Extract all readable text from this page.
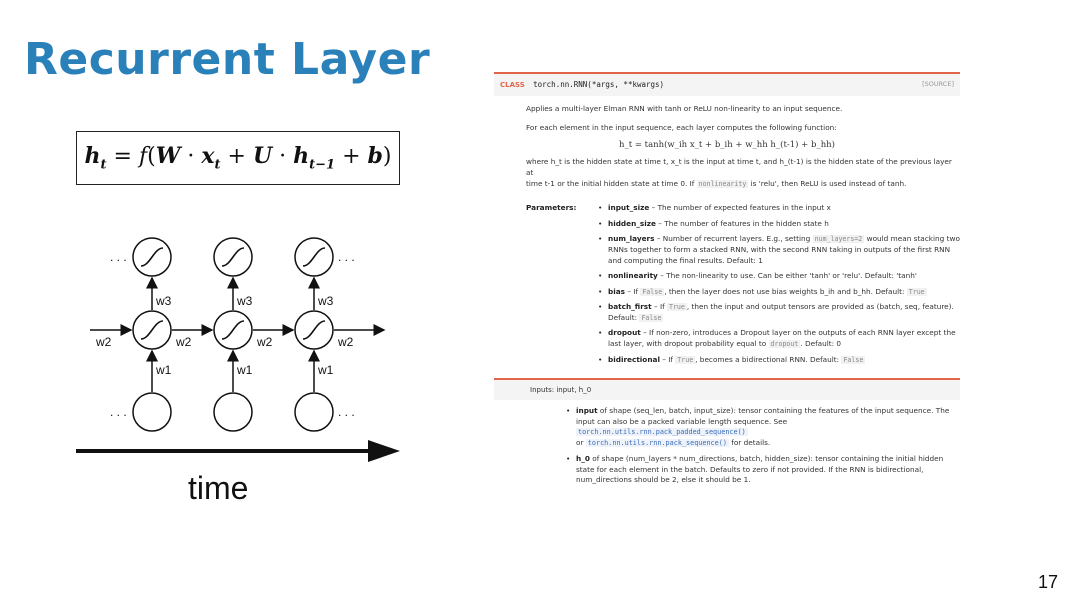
Recurrent Layer
$h_t = f(W \cdot x_t + U \cdot h_{t-1} + b)$
w2
w1
w3
w2
w1
w3
w2
w1
w3
w2
. . .	. . .
. . .	. . .
time
CLASS torch.nn.RNN(*args, **kwargs)	[SOURCE]

Applies a multi-layer Elman RNN with tanh or ReLU non-linearity to an input sequence.

For each element in the input sequence, each layer computes the following function:

h_t = tanh(w_ih x_t + b_ih + w_hh h_(t-1) + b_hh)

where h_t is the hidden state at time t, x_t is the input at time t, and h_(t-1) is the hidden state of the previous layer at

time t-1 or the initial hidden state at time 0. If nonlinearity is 'relu', then ReLU is used instead of tanh.

Parameters:
•	input_size – The number of expected features in the input x
• hidden_size – The number of features in the hidden state h
• num_layers – Number of recurrent layers. E.g., setting num_layers=2 would mean stacking two RNNs together to form a stacked RNN, with the second RNN taking in outputs of the first RNN and computing the final results. Default: 1
• nonlinearity – The non-linearity to use. Can be either 'tanh' or 'relu'. Default: 'tanh'
• bias – If False , then the layer does not use bias weights b_ih and b_hh. Default: True
• batch_first – If True , then the input and output tensors are provided as (batch, seq, feature). Default: False
• dropout – If non-zero, introduces a Dropout layer on the outputs of each RNN layer except the last layer, with dropout probability equal to dropout . Default: 0
• bidirectional – If True , becomes a bidirectional RNN. Default: False
Inputs: input, h_0
• input of shape (seq_len, batch, input_size): tensor containing the features of the input sequence. The input can also be a packed variable length sequence. See torch.nn.utils.rnn.pack_padded_sequence()
or torch.nn.utils.rnn.pack_sequence() for details.
• h_0 of shape (num_layers * num_directions, batch, hidden_size): tensor containing the initial hidden state for each element in the batch. Defaults to zero if not provided. If the RNN is bidirectional, num_directions should be 2, else it should be 1.
17
